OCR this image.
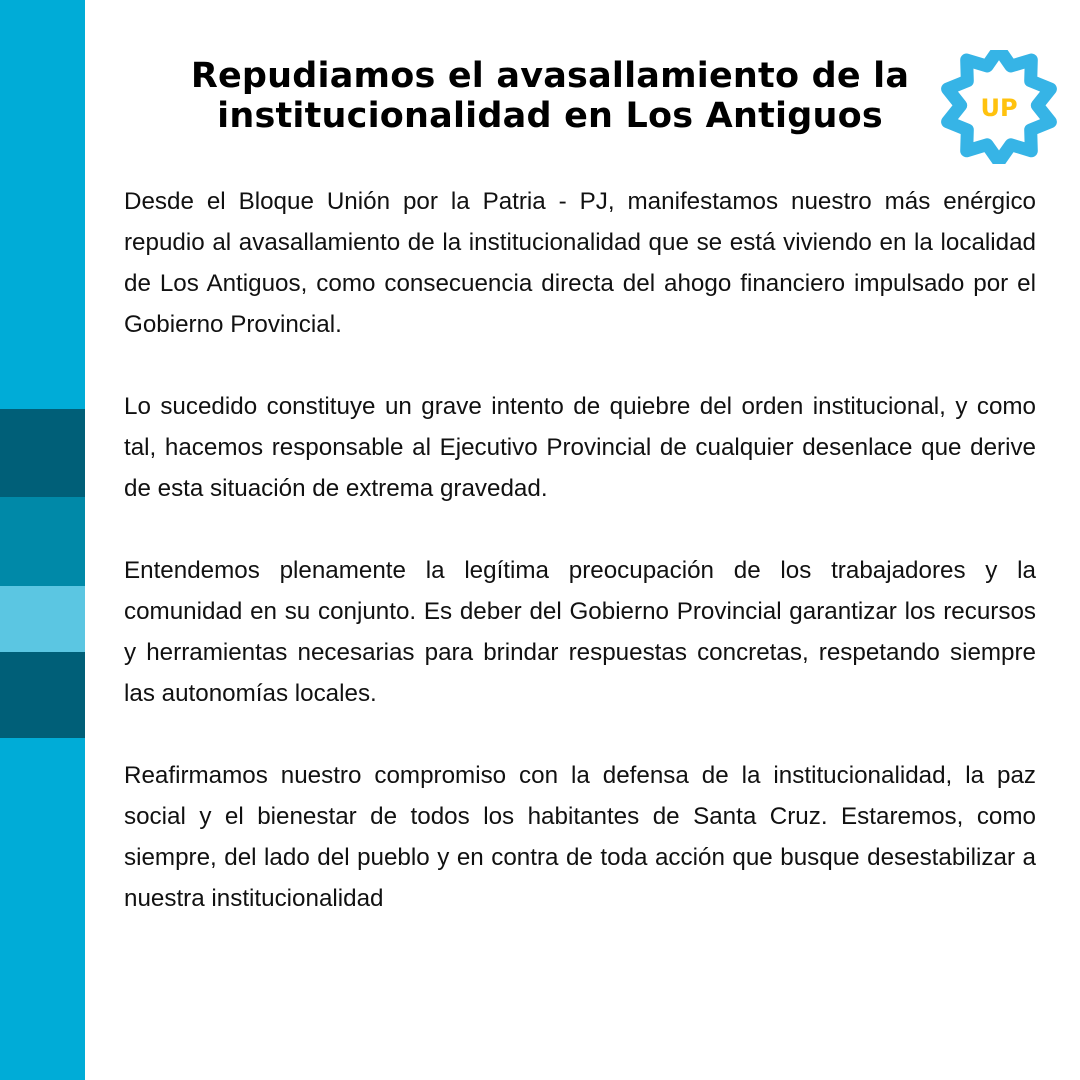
Repudiamos el avasallamiento de la
institucionalidad en Los Antiguos	UP

Desde el Bloque Unión por la Patria - PJ, manifestamos nuestro más enérgico repudio al avasallamiento de la institucionalidad que se está viviendo en la localidad de Los Antiguos, como consecuencia directa del ahogo financiero impulsado por el Gobierno Provincial.

Lo sucedido constituye un grave intento de quiebre del orden institucional, y como tal, hacemos responsable al Ejecutivo Provincial de cualquier desenlace que derive de esta situación de extrema gravedad.

Entendemos plenamente la legítima preocupación de los trabajadores y la comunidad en su conjunto. Es deber del Gobierno Provincial garantizar los recursos y herramientas necesarias para brindar respuestas concretas, respetando siempre las autonomías locales.

Reafirmamos nuestro compromiso con la defensa de la institucionalidad, la paz social y el bienestar de todos los habitantes de Santa Cruz. Estaremos, como siempre, del lado del pueblo y en contra de toda acción que busque desestabilizar a nuestra institucionalidad
